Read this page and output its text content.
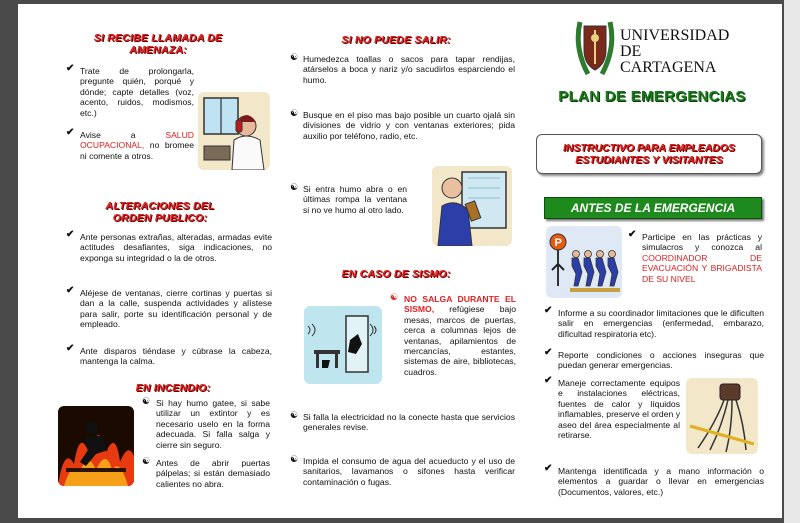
SI RECIBE LLAMADA DE
AMENAZA:
✔ Trate de prolongarla, pregunte quién, porqué y dónde; capte detalles (voz, acento, ruidos, modismos, etc.)
✔ Avise a SALUD OCUPACIONAL, no bromee ni comente a otros.
ALTERACIONES DEL
ORDEN PUBLICO:
✔ Ante personas extrañas, alteradas, armadas evite actitudes desafiantes, siga indicaciones, no exponga su integridad o la de otros.
✔ Aléjese de ventanas, cierre cortinas y puertas si dan a la calle, suspenda actividades y alístese para salir, porte su identificación personal y de empleado.
✔ Ante disparos tiéndase y cúbrase la cabeza, mantenga la calma.
EN INCENDIO:
☯ Si hay humo gatee, si sabe utilizar un extintor y es necesario uselo en la forma adecuada. Si falla salga y cierre sin seguro.
☯ Antes de abrir puertas pálpelas; si están demasiado calientes no abra.
SI NO PUEDE SALIR:
☯ Humedezca toallas o sacos para tapar rendijas, atárselos a boca y nariz y/o sacudirlos esparciendo el humo.
☯ Busque en el piso mas bajo posible un cuarto ojalá sin divisiones de vidrio y con ventanas exteriores; pida auxilio por teléfono, radio, etc.
☯ Si entra humo abra o en últimas rompa la ventana si no ve humo al otro lado.
EN CASO DE SISMO:
☯ NO SALGA DURANTE EL SISMO, refúgiese bajo mesas, marcos de puertas, cerca a columnas lejos de ventanas, apilamientos de mercancías, estantes, sistemas de aire, bibliotecas, cuadros.
☯ Si falla la electricidad no la conecte hasta que servicios generales revise.
☯ Impida el consumo de agua del acueducto y el uso de sanitarios, lavamanos o sifones hasta verificar contaminación o fugas.
UNIVERSIDAD
DE
CARTAGENA
PLAN DE EMERGENCIAS
INSTRUCTIVO PARA EMPLEADOS
ESTUDIANTES Y VISITANTES
ANTES DE LA EMERGENCIA
P
✔ Participe en las prácticas y simulacros y conozca al COORDINADOR DE EVACUACIÓN Y BRIGADISTA DE SU NIVEL
✔ Informe a su coordinador limitaciones que le dificulten salir en emergencias (enfermedad, embarazo, dificultad respiratoria etc).
✔ Reporte condiciones o acciones inseguras que puedan generar emergencias.
✔ Maneje correctamente equipos e instalaciones eléctricas, fuentes de calor y líquidos inflamables, preserve el orden y aseo del área especialmente al retirarse.
✔ Mantenga identificada y a mano información o elementos a guardar o llevar en emergencias (Documentos, valores, etc.)
